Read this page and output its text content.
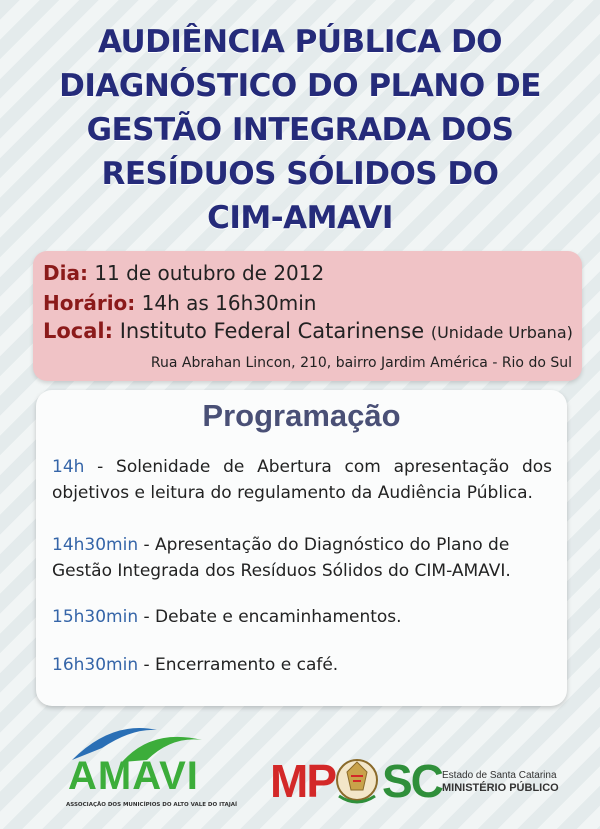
AUDIÊNCIA PÚBLICA DO
DIAGNÓSTICO DO PLANO DE
GESTÃO INTEGRADA DOS
RESÍDUOS SÓLIDOS DO
CIM-AMAVI
Dia: 11 de outubro de 2012
Horário: 14h as 16h30min
Local: Instituto Federal Catarinense (Unidade Urbana)
Rua Abrahan Lincon, 210, bairro Jardim América - Rio do Sul
Programação
14h - Solenidade de Abertura com apresentação dos objetivos e leitura do regulamento da Audiência Pública.
14h30min - Apresentação do Diagnóstico do Plano de Gestão Integrada dos Resíduos Sólidos do CIM-AMAVI.
15h30min - Debate e encaminhamentos.
16h30min - Encerramento e café.
AMAVI
ASSOCIAÇÃO DOS MUNICÍPIOS DO ALTO VALE DO ITAJAÍ MP SC Estado de Santa Catarina
MINISTÉRIO PÚBLICO
